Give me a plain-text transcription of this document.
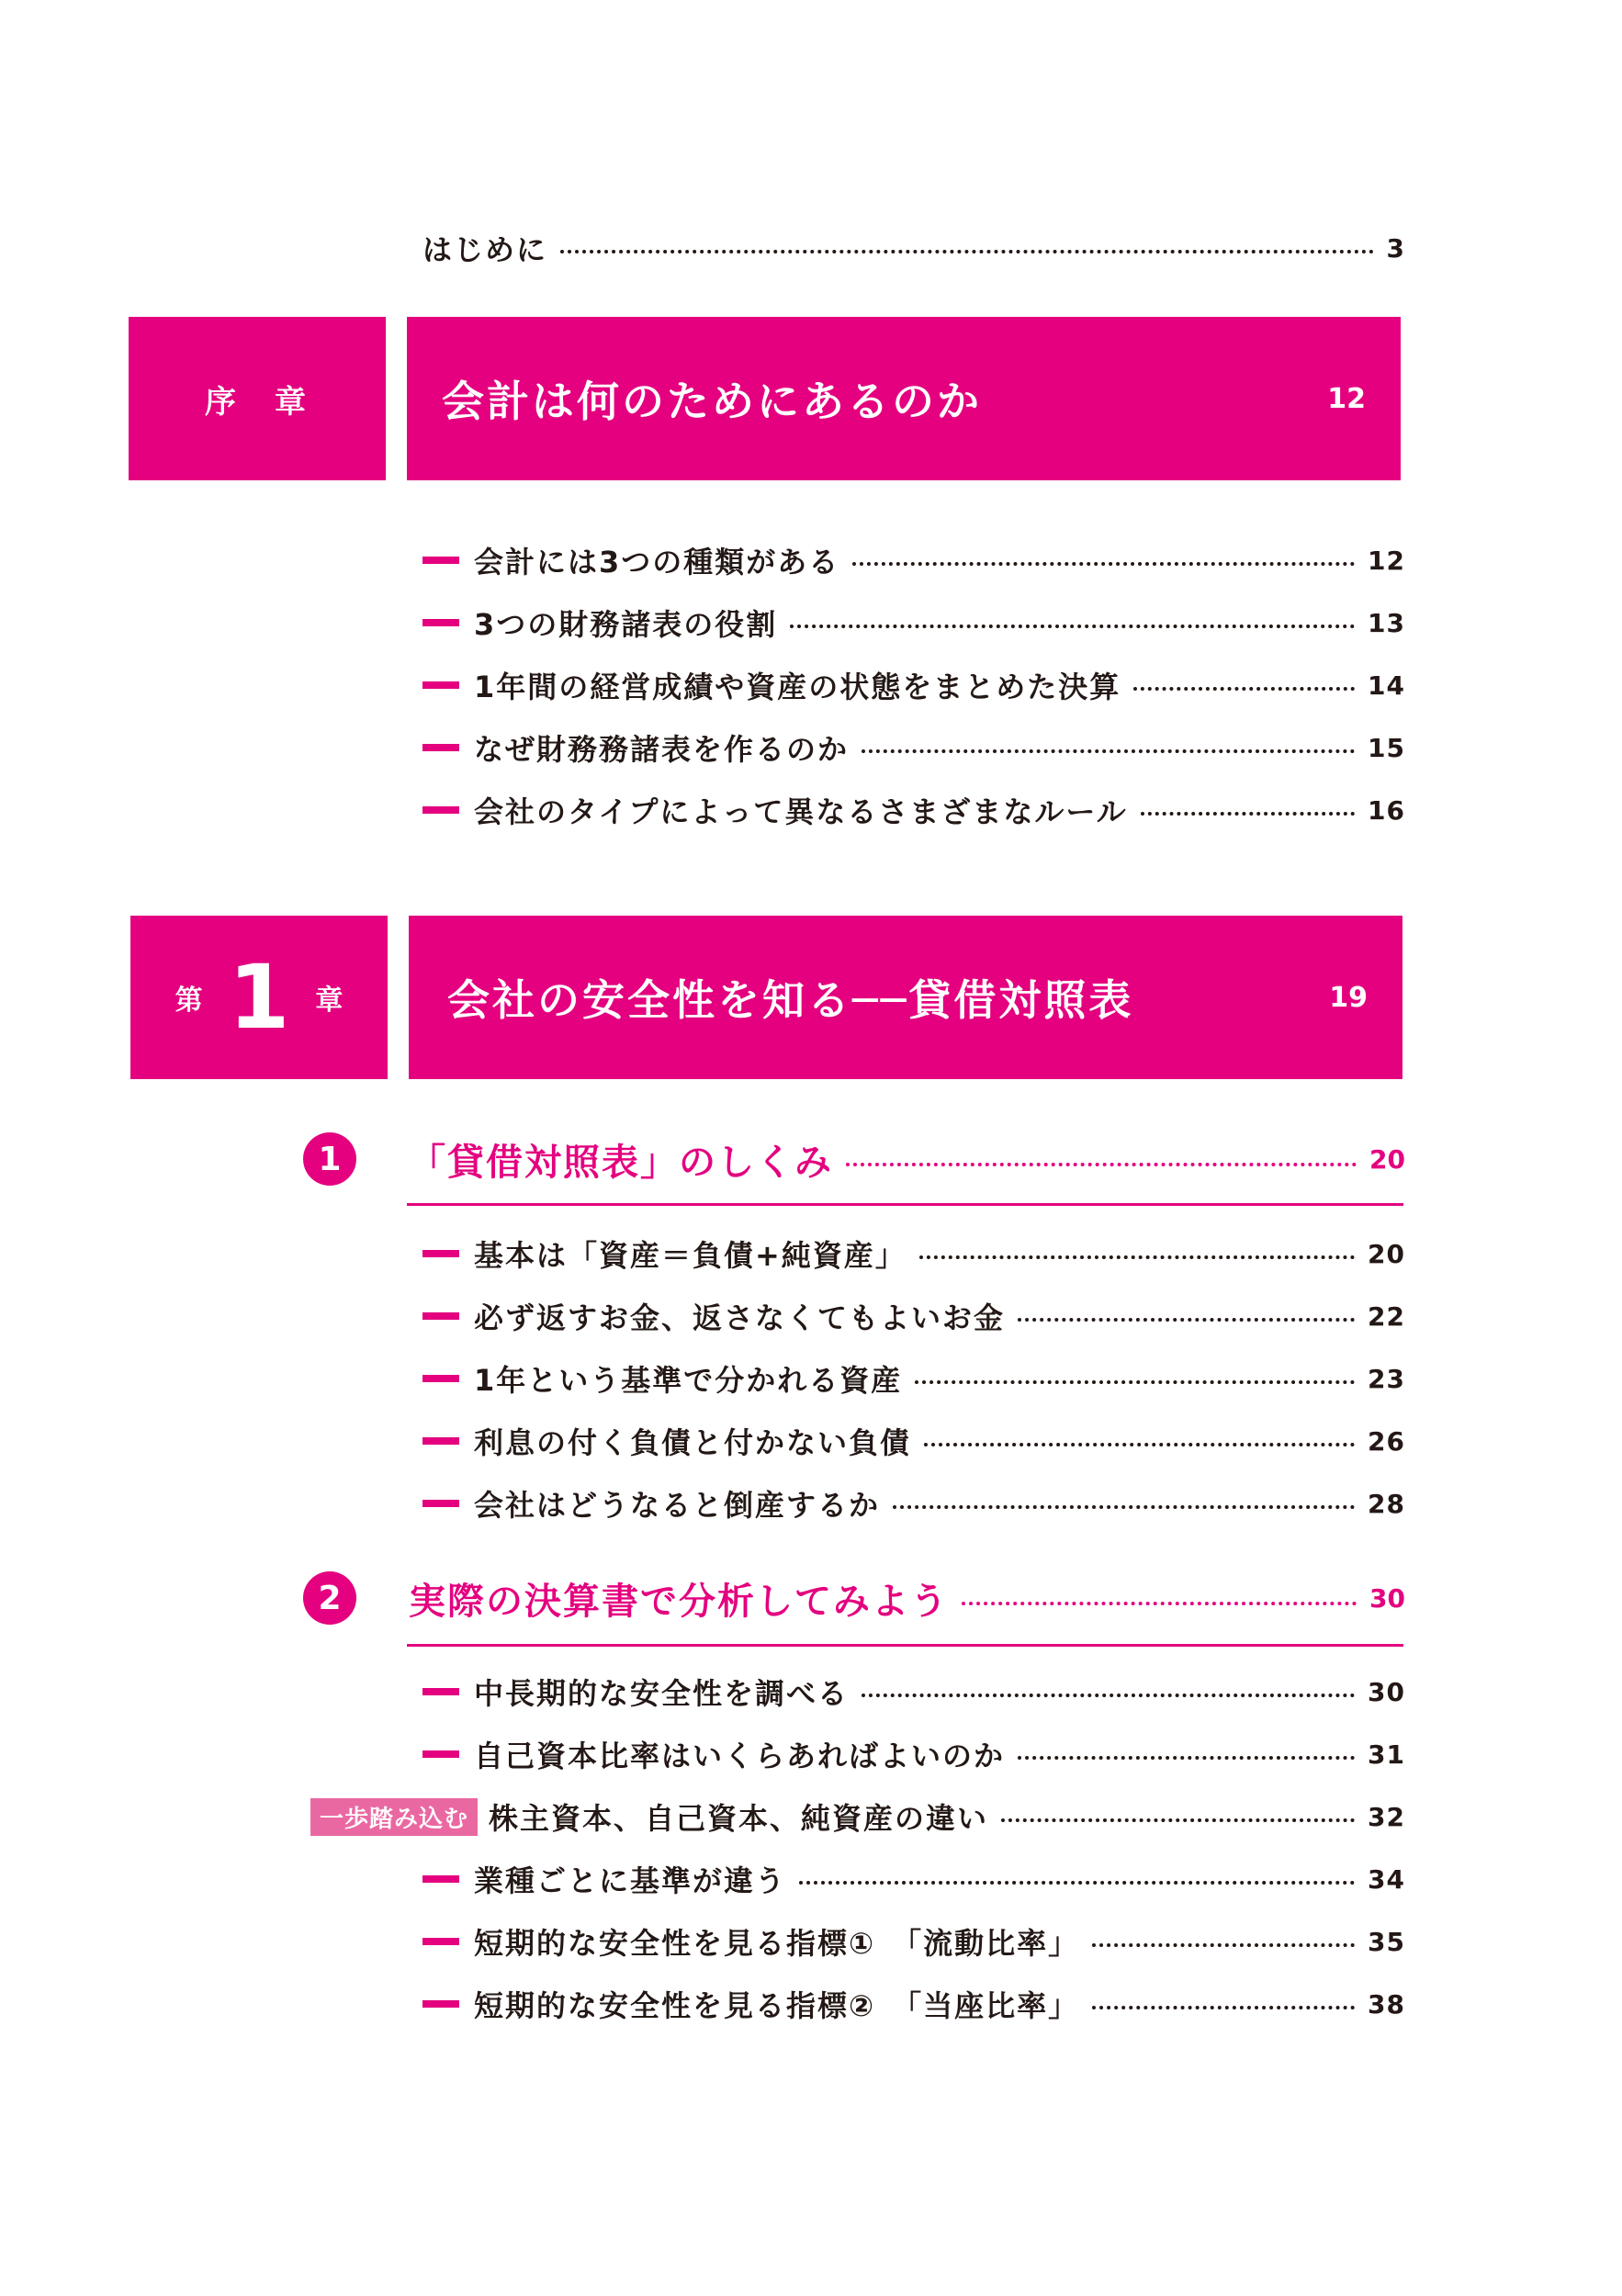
はじめに	3
序　章	会計は何のためにあるのか	12
会計には3つの種類がある	12
3つの財務諸表の役割	13
1年間の経営成績や資産の状態をまとめた決算	14
なぜ財務務諸表を作るのか	15
会社のタイプによって異なるさまざまなルール	16
第 1 章 会社の安全性を知る──貸借対照表	19
1	「貸借対照表」のしくみ	20
基本は「資産＝負債+純資産」	20
必ず返すお金、返さなくてもよいお金	22
1年という基準で分かれる資産	23
利息の付く負債と付かない負債	26
会社はどうなると倒産するか	28
2	実際の決算書で分析してみよう	30
中長期的な安全性を調べる	30
自己資本比率はいくらあればよいのか	31
一歩踏み込む 株主資本、自己資本、純資産の違い	32
業種ごとに基準が違う	34
短期的な安全性を見る指標①　「流動比率」	35
短期的な安全性を見る指標②　「当座比率」	38
